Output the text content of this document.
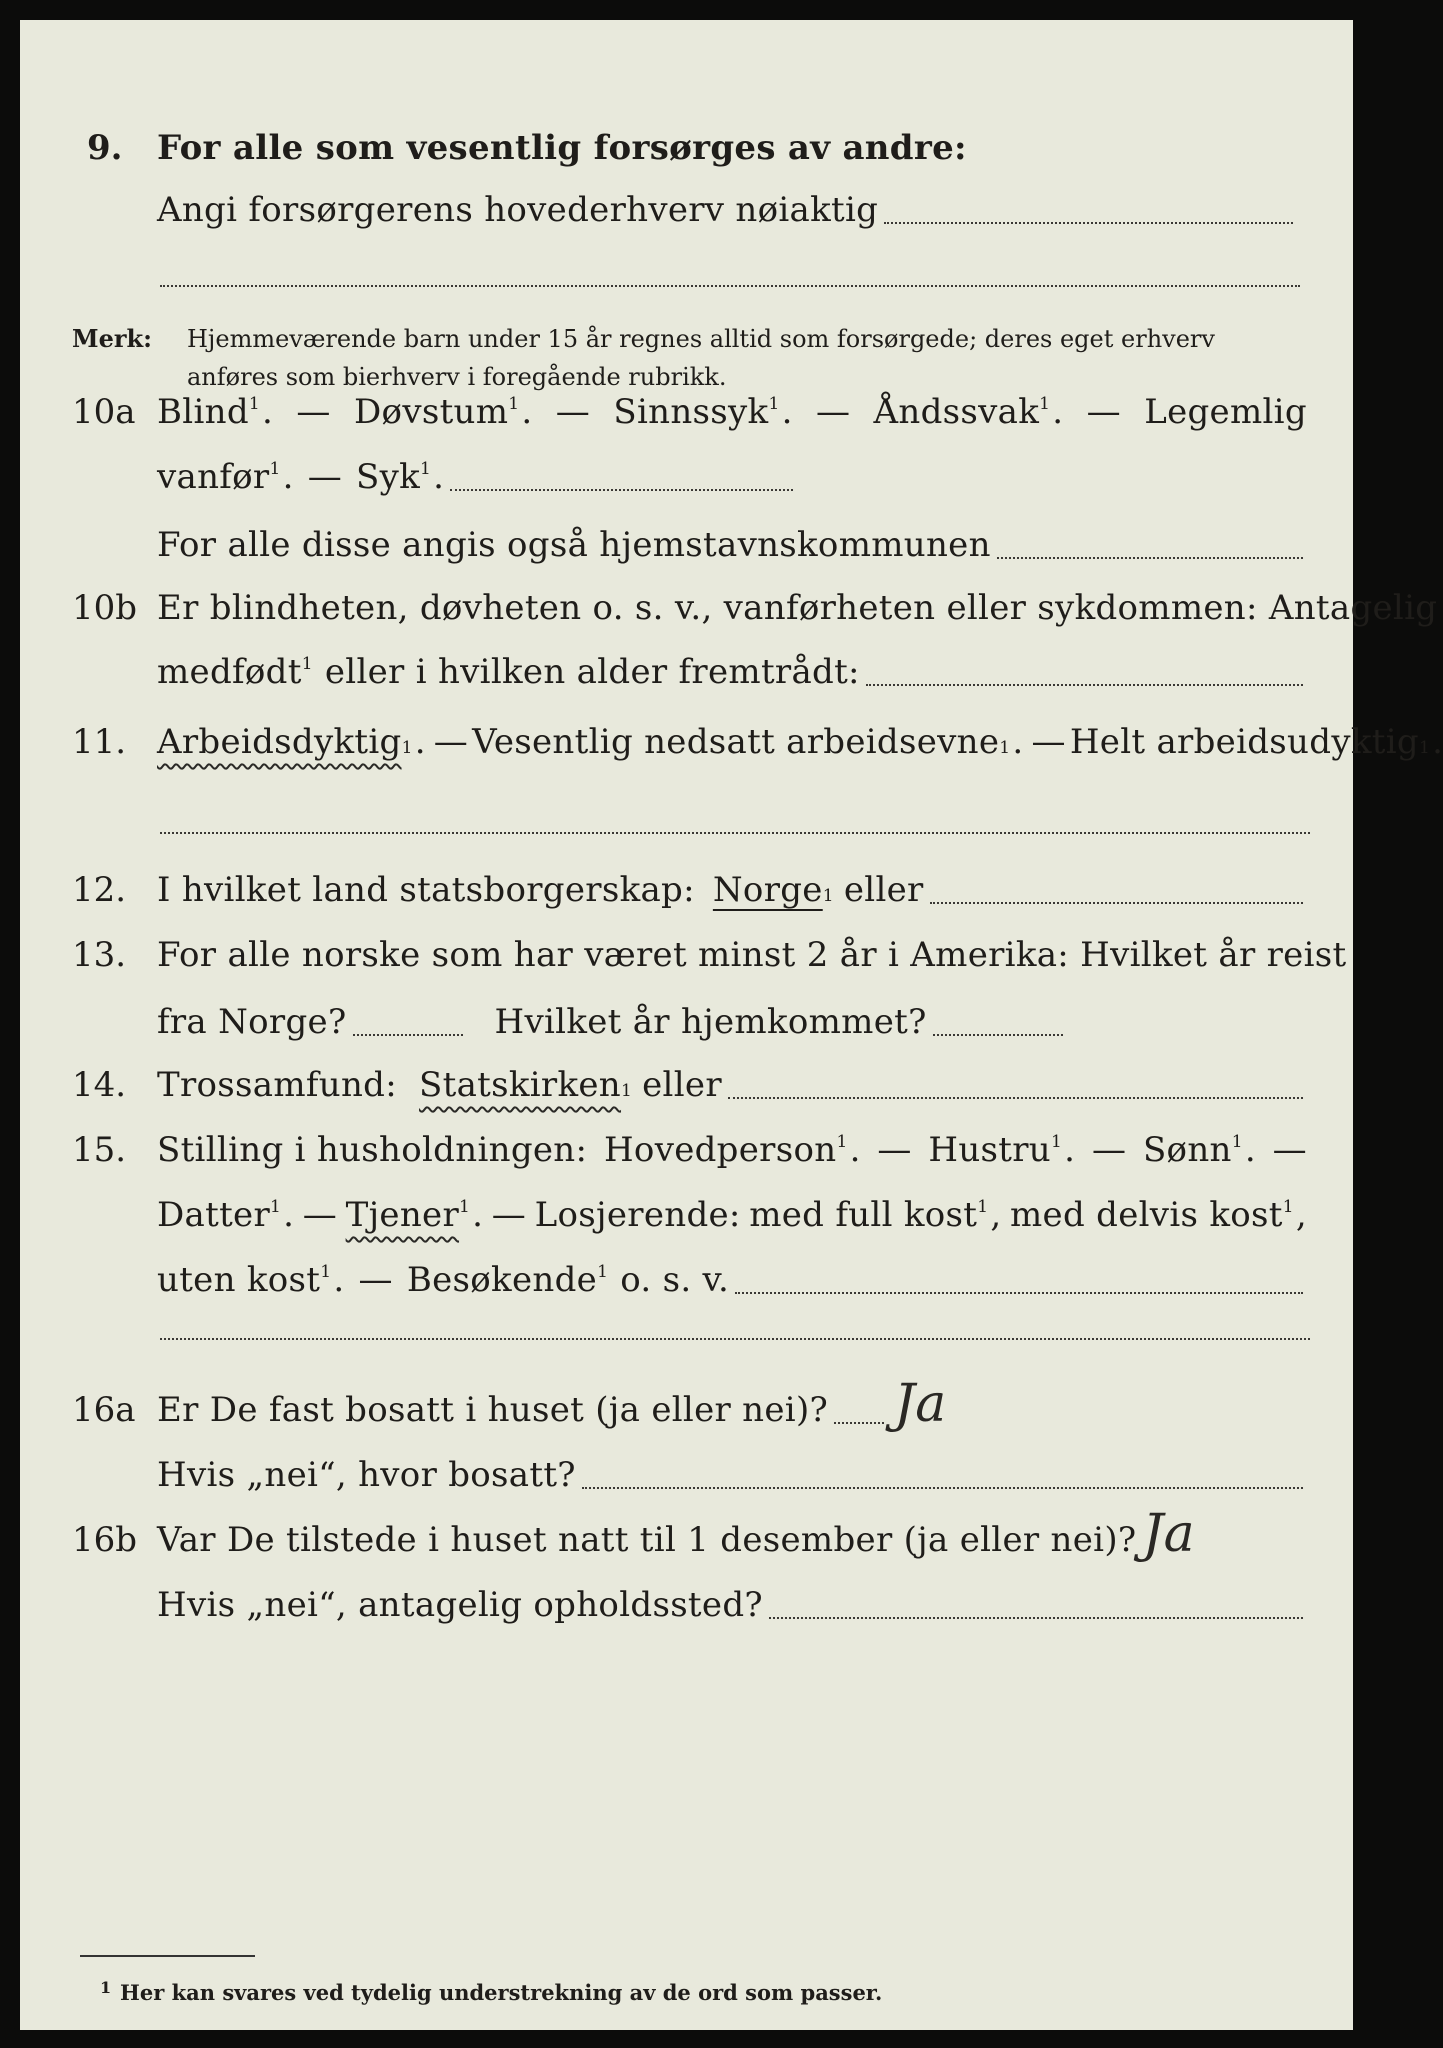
9. For alle som vesentlig forsørges av andre:
Angi forsørgerens hovederhverv nøiaktig
Merk: Hjemmeværende barn under 15 år regnes alltid som forsørgede; deres eget erhverv
anføres som bierhverv i foregående rubrikk.
10a Blind$^1$. — Døvstum$^1$. — Sinnssyk$^1$. — Åndssvak$^1$. — Legemlig
vanfør$^1$. — Syk$^1$.
For alle disse angis også hjemstavnskommunen
10b Er blindheten, døvheten o. s. v., vanførheten eller sykdommen: Antagelig
medfødt$^1$ eller i hvilken alder fremtrådt:
11. Arbeidsdyktig 1 . — Vesentlig nedsatt arbeidsevne 1 . — Helt arbeidsudyktig 1 .
12. I hvilket land statsborgerskap: Norge 1 eller
13. For alle norske som har været minst 2 år i Amerika: Hvilket år reist
fra Norge?	Hvilket år hjemkommet?
14. Trossamfund: Statskirken 1 eller
15. Stilling i husholdningen: Hovedperson$^1$. — Hustru$^1$. — Sønn$^1$. —
Datter$^1$. — Tjener$^1$. — Losjerende: med full kost$^1$, med delvis kost$^1$,
uten kost$^1$. — Besøkende$^1$ o. s. v.
16a Er De fast bosatt i huset (ja eller nei)? Ja
Hvis „nei“, hvor bosatt?
16b Var De tilstede i huset natt til 1 desember (ja eller nei)? Ja
Hvis „nei“, antagelig opholdssted?
1 Her kan svares ved tydelig understrekning av de ord som passer.
